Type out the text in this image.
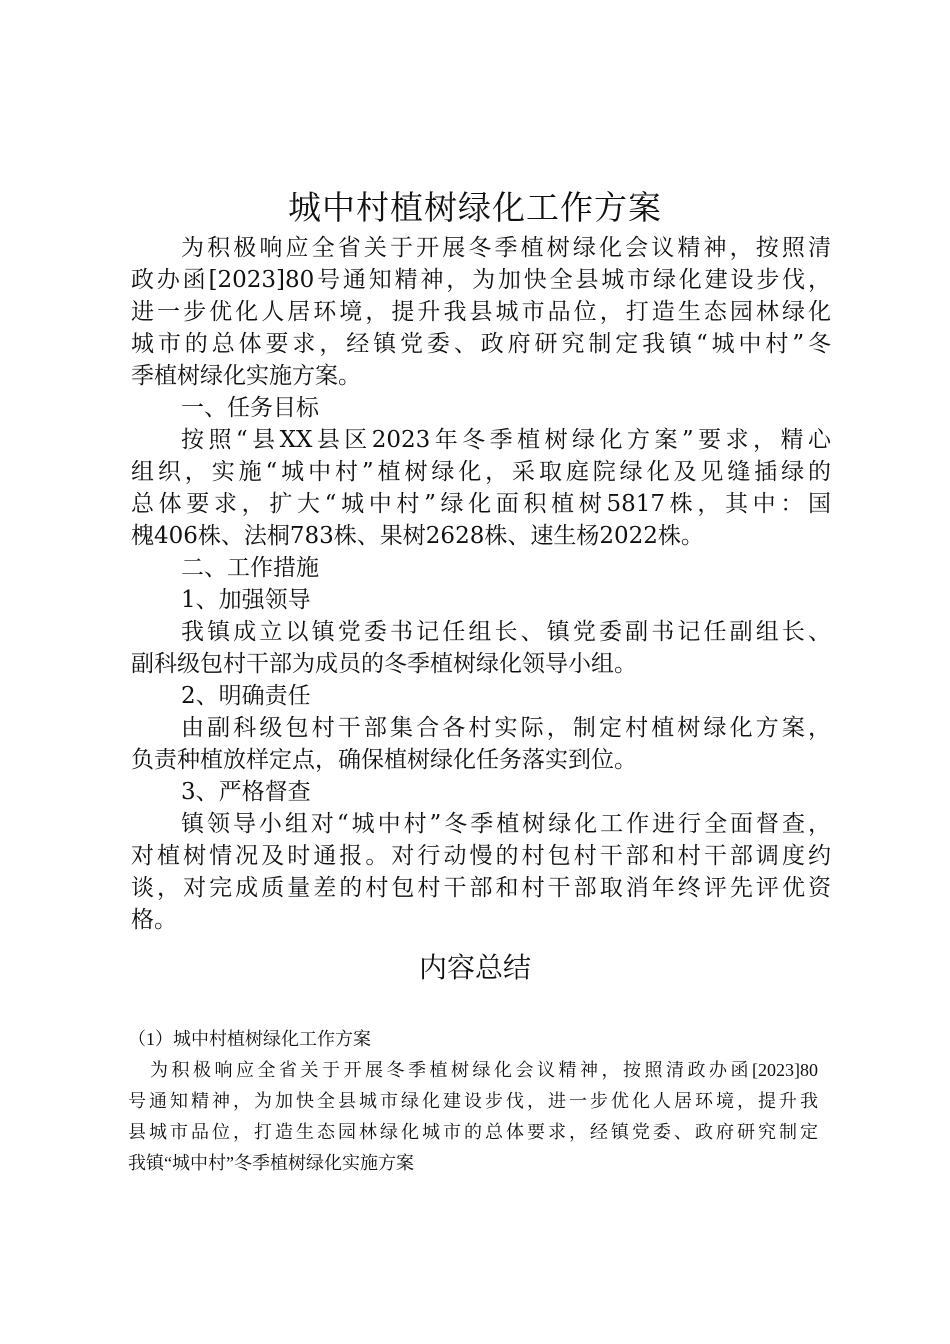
城中村植树绿化工作方案
为积极响应全省关于开展冬季植树绿化会议精神，按照清
政办函[2023]80号通知精神，为加快全县城市绿化建设步伐，
进一步优化人居环境，提升我县城市品位，打造生态园林绿化
城市的总体要求，经镇党委、政府研究制定我镇“城中村”冬
季植树绿化实施方案。
一、任务目标
按照“县XX县区2023年冬季植树绿化方案”要求，精心
组织，实施“城中村”植树绿化，采取庭院绿化及见缝插绿的
总体要求，扩大“城中村”绿化面积植树5817株，其中：国
槐406株、法桐783株、果树2628株、速生杨2022株。
二、工作措施
1、加强领导
我镇成立以镇党委书记任组长、镇党委副书记任副组长、
副科级包村干部为成员的冬季植树绿化领导小组。
2、明确责任
由副科级包村干部集合各村实际，制定村植树绿化方案，
负责种植放样定点，确保植树绿化任务落实到位。
3、严格督查
镇领导小组对“城中村”冬季植树绿化工作进行全面督查，
对植树情况及时通报。对行动慢的村包村干部和村干部调度约
谈，对完成质量差的村包村干部和村干部取消年终评先评优资
格。
内容总结
（1）城中村植树绿化工作方案
为积极响应全省关于开展冬季植树绿化会议精神，按照清政办函[2023]80
号通知精神，为加快全县城市绿化建设步伐，进一步优化人居环境，提升我
县城市品位，打造生态园林绿化城市的总体要求，经镇党委、政府研究制定
我镇“城中村”冬季植树绿化实施方案
